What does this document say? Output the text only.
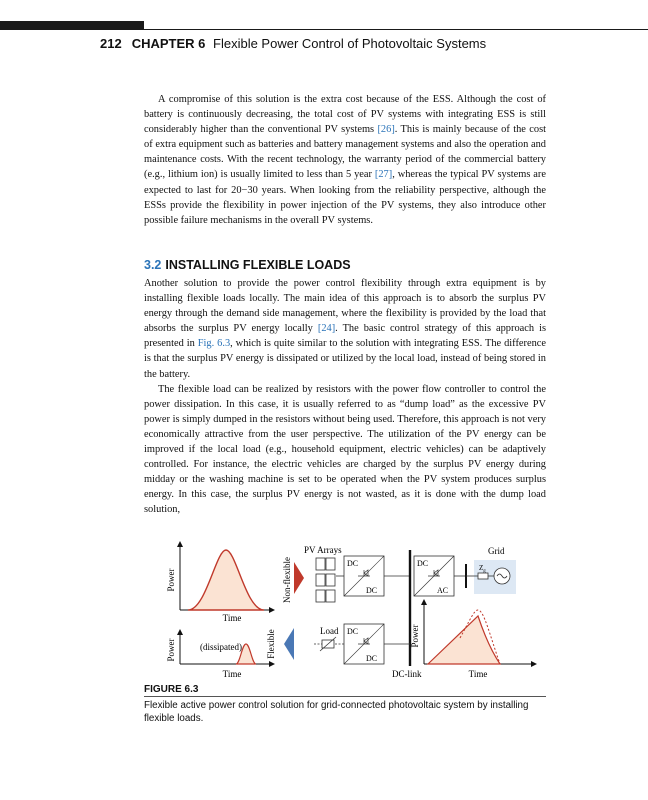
212 CHAPTER 6 Flexible Power Control of Photovoltaic Systems

A compromise of this solution is the extra cost because of the ESS. Although the cost of battery is continuously decreasing, the total cost of PV systems with integrating ESS is still considerably higher than the conventional PV systems [26]. This is mainly because of the cost of extra equipment such as batteries and battery management systems and also the operation and maintenance costs. With the recent technology, the warranty period of the commercial battery (e.g., lithium ion) is usually limited to less than 5 year [27], whereas the typical PV systems are expected to last for 20−30 years. When looking from the reliability perspective, although the ESSs provide the flexibility in power injection of the PV systems, they also introduce other possible failure mechanisms in the overall PV systems.

3.2 INSTALLING FLEXIBLE LOADS

Another solution to provide the power control flexibility through extra equipment is by installing flexible loads locally. The main idea of this approach is to absorb the surplus PV energy through the demand side management, where the flexibility is provided by the load that absorbs the surplus PV energy locally [24]. The basic control strategy of this approach is presented in Fig. 6.3, which is quite similar to the solution with integrating ESS. The difference is that the surplus PV energy is dissipated or utilized by the local load, instead of being stored in the battery.

The flexible load can be realized by resistors with the power flow controller to control the power dissipation. In this case, it is usually referred to as “dump load” as the excessive PV power is simply dumped in the resistors without being used. Therefore, this approach is not very economically attractive from the user perspective. The utilization of the PV energy can be improved if the local load (e.g., household equipment, electric vehicles) can be adaptively controlled. For instance, the electric vehicles are charged by the surplus PV energy during midday or the washing machine is set to be operated when the PV system produces surplus energy. In this case, the surplus PV energy is not wasted, as it is done with the dump load solution,

Power
Time
Power	(dissipated)
Time
Non-flexible
Flexible
PV Arrays
DC
DC
DC-link
DC
AC
Grid
$Z_g$
Load DC
DC
Power
Time
FIGURE 6.3
Flexible active power control solution for grid-connected photovoltaic system by installing flexible loads.
